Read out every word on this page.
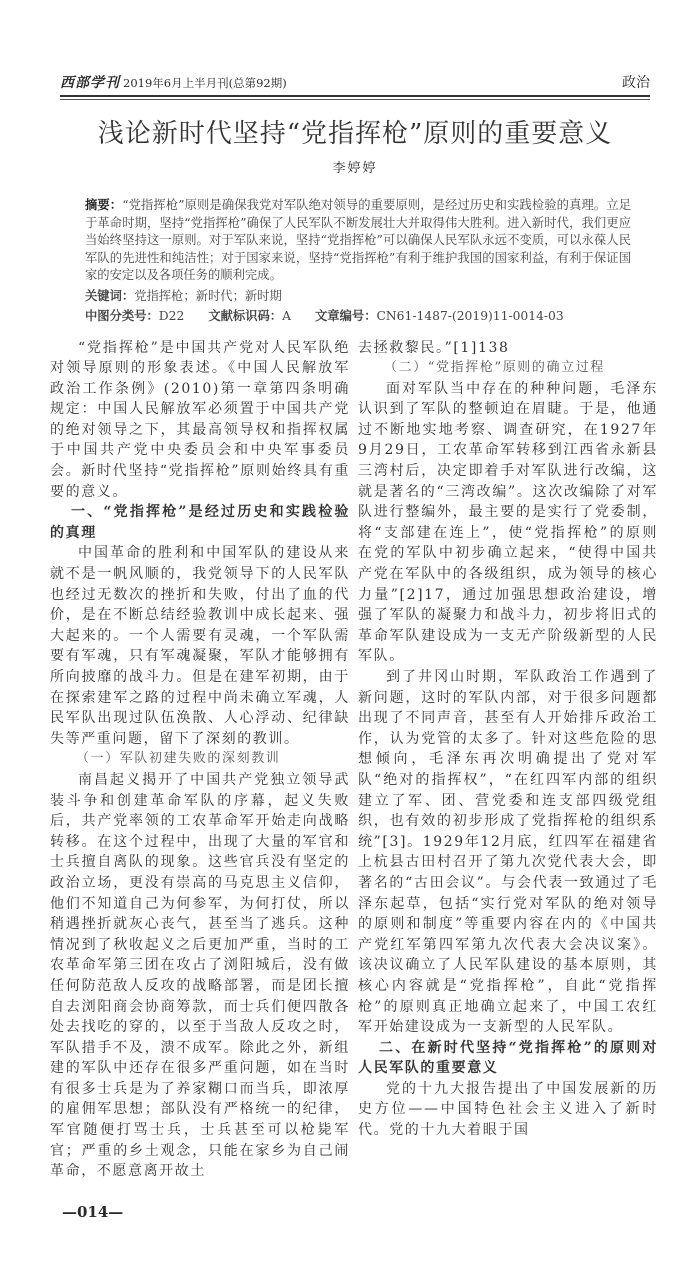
西部学刊 2019年6月上半月刊(总第92期)	政治
浅论新时代坚持“党指挥枪”原则的重要意义
李婷婷
摘要：“党指挥枪”原则是确保我党对军队绝对领导的重要原则，是经过历史和实践检验的真理。立足于革命时期，坚持“党指挥枪”确保了人民军队不断发展壮大并取得伟大胜利。进入新时代，我们更应当始终坚持这一原则。对于军队来说，坚持“党指挥枪”可以确保人民军队永远不变质，可以永葆人民军队的先进性和纯洁性；对于国家来说，坚持“党指挥枪”有利于维护我国的国家利益，有利于保证国家的安定以及各项任务的顺利完成。
关键词：党指挥枪；新时代；新时期
中图分类号：D22 文献标识码：A 文章编号：CN61-1487-(2019)11-0014-03

“党指挥枪”是中国共产党对人民军队绝对领导原则的形象表述。《中国人民解放军政治工作条例》(2010)第一章第四条明确规定：中国人民解放军必须置于中国共产党的绝对领导之下，其最高领导权和指挥权属于中国共产党中央委员会和中央军事委员会。新时代坚持“党指挥枪”原则始终具有重要的意义。

一、“党指挥枪”是经过历史和实践检验的真理

中国革命的胜利和中国军队的建设从来就不是一帆风顺的，我党领导下的人民军队也经过无数次的挫折和失败，付出了血的代价，是在不断总结经验教训中成长起来、强大起来的。一个人需要有灵魂，一个军队需要有军魂，只有军魂凝聚，军队才能够拥有所向披靡的战斗力。但是在建军初期，由于在探索建军之路的过程中尚未确立军魂，人民军队出现过队伍涣散、人心浮动、纪律缺失等严重问题，留下了深刻的教训。

（一）军队初建失败的深刻教训

南昌起义揭开了中国共产党独立领导武装斗争和创建革命军队的序幕，起义失败后，共产党率领的工农革命军开始走向战略转移。在这个过程中，出现了大量的军官和士兵擅自离队的现象。这些官兵没有坚定的政治立场，更没有崇高的马克思主义信仰，他们不知道自己为何参军，为何打仗，所以稍遇挫折就灰心丧气，甚至当了逃兵。这种情况到了秋收起义之后更加严重，当时的工农革命军第三团在攻占了浏阳城后，没有做任何防范敌人反攻的战略部署，而是团长擅自去浏阳商会协商筹款，而士兵们便四散各处去找吃的穿的，以至于当敌人反攻之时，军队措手不及，溃不成军。除此之外，新组建的军队中还存在很多严重问题，如在当时有很多士兵是为了养家糊口而当兵，即浓厚的雇佣军思想；部队没有严格统一的纪律，军官随便打骂士兵，士兵甚至可以枪毙军官；严重的乡土观念，只能在家乡为自己闹革命，不愿意离开故土

去拯救黎民。”[1]138

（二）“党指挥枪”原则的确立过程

面对军队当中存在的种种问题，毛泽东认识到了军队的整顿迫在眉睫。于是，他通过不断地实地考察、调查研究，在1927年9月29日，工农革命军转移到江西省永新县三湾村后，决定即着手对军队进行改编，这就是著名的“三湾改编”。这次改编除了对军队进行整编外，最主要的是实行了党委制，将“支部建在连上”，使“党指挥枪”的原则在党的军队中初步确立起来，“使得中国共产党在军队中的各级组织，成为领导的核心力量”[2]17，通过加强思想政治建设，增强了军队的凝聚力和战斗力，初步将旧式的革命军队建设成为一支无产阶级新型的人民军队。

到了井冈山时期，军队政治工作遇到了新问题，这时的军队内部，对于很多问题都出现了不同声音，甚至有人开始排斥政治工作，认为党管的太多了。针对这些危险的思想倾向，毛泽东再次明确提出了党对军队“绝对的指挥权”，“在红四军内部的组织建立了军、团、营党委和连支部四级党组织，也有效的初步形成了党指挥枪的组织系统”[3]。1929年12月底，红四军在福建省上杭县古田村召开了第九次党代表大会，即著名的“古田会议”。与会代表一致通过了毛泽东起草，包括“实行党对军队的绝对领导的原则和制度”等重要内容在内的《中国共产党红军第四军第九次代表大会决议案》。该决议确立了人民军队建设的基本原则，其核心内容就是“党指挥枪”，自此“党指挥枪”的原则真正地确立起来了，中国工农红军开始建设成为一支新型的人民军队。

二、在新时代坚持“党指挥枪”的原则对人民军队的重要意义

党的十九大报告提出了中国发展新的历史方位——中国特色社会主义进入了新时代。党的十九大着眼于国

—014—
